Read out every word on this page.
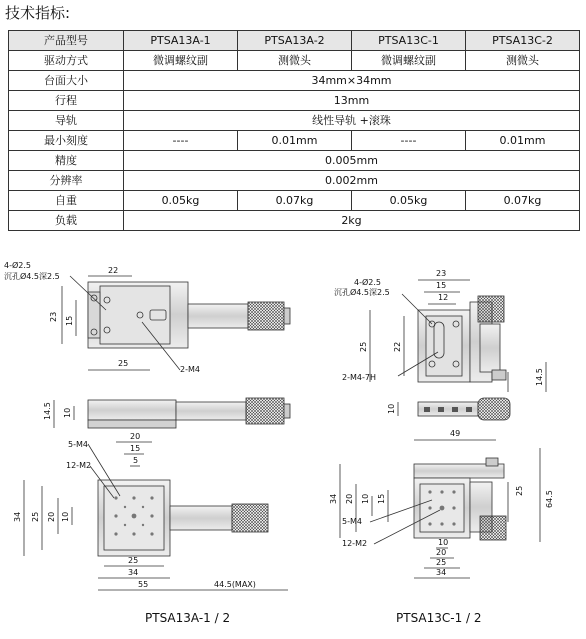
技术指标:
产品型号	PTSA13A-1	PTSA13A-2	PTSA13C-1	PTSA13C-2
驱动方式	微调螺纹副	测微头	微调螺纹副	测微头
台面大小	34mm×34mm			
行程	13mm			
导轨	线性导轨 +滚珠			
最小刻度	----	0.01mm	----	0.01mm
精度	0.005mm			
分辨率	0.002mm			
自重	0.05kg	0.07kg	0.05kg	0.07kg
负载	2kg			
22
15
23
25
4-Ø2.5
沉孔Ø4.5深2.5
2-M4
14.5 10
20
15
5
5-M4
12-M2
34 25 20 10
25
34
55	44.5(MAX)
23
15
12
22
25
4-Ø2.5
沉孔Ø4.5深2.5
2-M4-7H	14.5
10
49
34 20 10 15
25	64.5
5-M4
12-M2	10
20
25
34
PTSA13A-1 / 2	PTSA13C-1 / 2
